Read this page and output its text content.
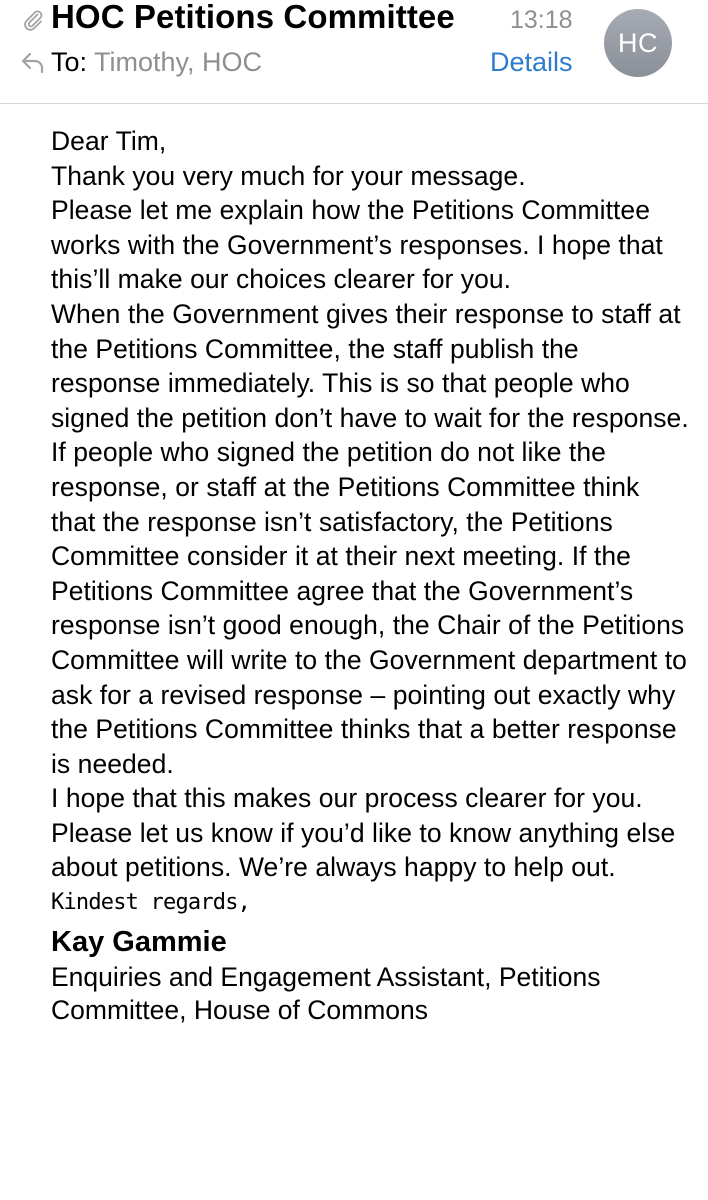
HOC Petitions Committee 13:18
HC
To: Timothy, HOC	Details
Dear Tim,
Thank you very much for your message.
Please let me explain how the Petitions Committee works with the Government’s responses. I hope that this’ll make our choices clearer for you.
When the Government gives their response to staff at the Petitions Committee, the staff publish the response immediately. This is so that people who signed the petition don’t have to wait for the response. If people who signed the petition do not like the response, or staff at the Petitions Committee think that the response isn’t satisfactory, the Petitions Committee consider it at their next meeting. If the Petitions Committee agree that the Government’s response isn’t good enough, the Chair of the Petitions Committee will write to the Government department to ask for a revised response – pointing out exactly why the Petitions Committee thinks that a better response is needed.
I hope that this makes our process clearer for you. Please let us know if you’d like to know anything else about petitions. We’re always happy to help out.
Kindest regards,
Kay Gammie
Enquiries and Engagement Assistant, Petitions Committee, House of Commons
